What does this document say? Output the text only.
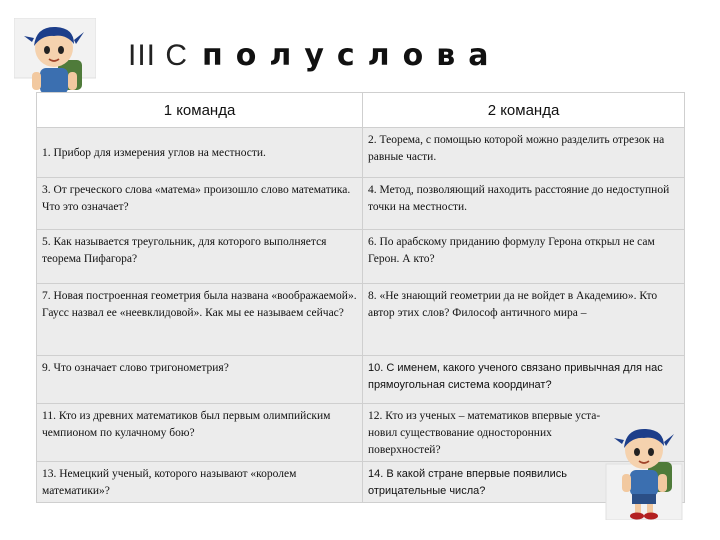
III С полуслова
1 команда	2 команда
1. Прибор для измерения углов на местности.	2. Теорема, с помощью которой можно разделить отрезок на равные части.
3. От греческого слова «матема» произошло слово математика. Что это означает?	4. Метод, позволяющий находить расстояние до недоступной точки на местности.
5. Как называется треугольник, для которого выполняется теорема Пифагора?	6. По арабскому приданию формулу Герона открыл не сам Герон. А кто?
7. Новая построенная геометрия была названа «воображаемой». Гаусс назвал ее «неевклидовой». Как мы ее называем сейчас?	8. «Не знающий геометрии да не войдет в Академию». Кто автор этих слов? Философ античного мира –
9. Что означает слово тригонометрия?	10. С именем, какого ученого связано привычная для нас прямоугольная система координат?
11. Кто из древних математиков был первым олимпийским чемпионом по кулачному бою?	12. Кто из ученых – математиков впервые уста-новил существование односторонних поверхностей?
13. Немецкий ученый, которого называют «королем математики»?	14. В какой стране впервые появились отрицательные числа?
